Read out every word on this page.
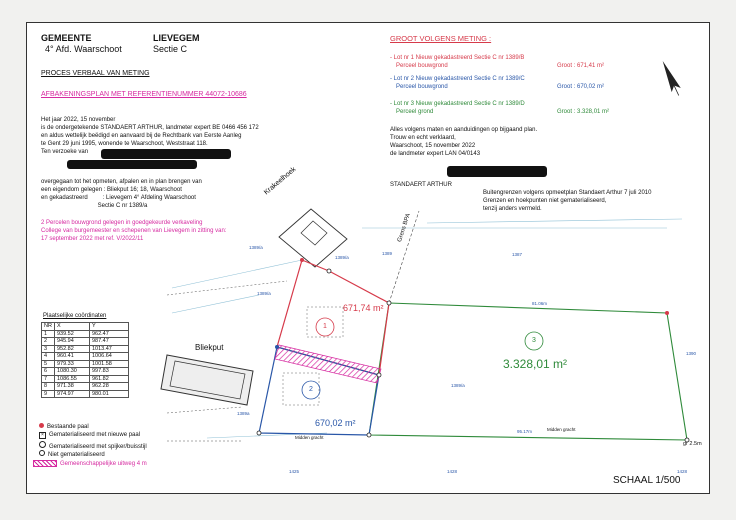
GEMEENTE	LIEVEGEM
4° Afd. Waarschoot	Sectie C
PROCES VERBAAL VAN METING
AFBAKENINGSPLAN MET REFERENTIENUMMER 44072-10686
Het jaar 2022, 15 november
is de ondergetekende STANDAERT ARTHUR, landmeter expert BE 0466 456 172
en aldus wettelijk beëdigd en aanvaard bij de Rechtbank van Eerste Aanleg
te Gent 29 juni 1995, wonende te Waarschoot, Weststraat 118.
Ten verzoeke van
overgegaan tot het opmeten, afpalen en in plan brengen van
een eigendom gelegen : Bliekput 16; 18, Waarschoot
en gekadastreerd         : Lievegem 4° Afdeling Waarschoot
Sectie C nr 1389/a
2 Percelen bouwgrond gelegen in goedgekeurde verkaveling
College van burgemeester en schepenen van Lievegem in zitting van:
17 september 2022 met ref. V/2022/11
GROOT VOLGENS METING :
- Lot nr 1 Nieuw gekadastreerd Sectie C nr 1389/B
Perceel bouwgrond	Groot : 671,41 m²
- Lot nr 2 Nieuw gekadastreerd Sectie C nr 1389/C
Perceel bouwgrond	Groot : 670,02 m²
- Lot nr 3 Nieuw gekadastreerd Sectie C nr 1389/D
Perceel grond	Groot : 3.328,01 m²
Alles volgens maten en aanduidingen op bijgaand plan.
Trouw en echt verklaard,
Waarschoot, 15 november 2022
de landmeter expert LAN 04/0143
STANDAERT ARTHUR
Buitengrenzen volgens opmeetplan Standaert Arthur 7 juli 2010
Grenzen en hoekpunten niet gematerialiseerd,
tenzij anders vermeld.
Plaatselijke coördinaten
NR	X	Y
1	939.52	962.47
2	945.94	987.47
3	952.82	1013.47
4	960.41	1006.64
5	979.33	1001.58
6	1080.30	997.83
7	1086.55	961.82
8	971.38	962.28
9	974.97	980.01
Bestaande paal
× Gematerialiseerd met nieuwe paal
Gematerialiseerd met spijker/buisstijl
Niet gematerialiseerd
Gemeenschappelijke uitweg 4 m
Krakeelhoek
Bliekput
Grens BPA
1
671,74 m²
2
670,02 m²
3
3.328,01 m²
1389/a
1389/a
1389/a
1389a
1389/a
81.06m
95.17m
Midden gracht
Midden gracht
1389	1387
1390
1425	1428	1428
gr 2.5m
SCHAAL 1/500
